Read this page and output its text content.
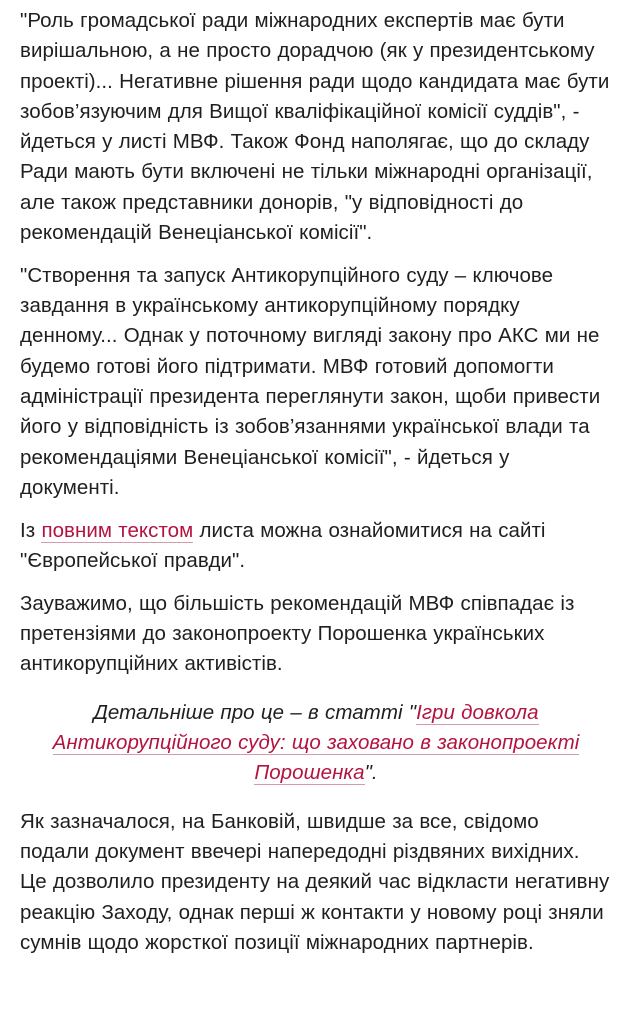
"Роль громадської ради міжнародних експертів має бути вирішальною, а не просто дорадчою (як у президентському проекті)... Негативне рішення ради щодо кандидата має бути зобов’язуючим для Вищої кваліфікаційної комісії суддів", - йдеться у листі МВФ. Також Фонд наполягає, що до складу Ради мають бути включені не тільки міжнародні організації, але також представники донорів, "у відповідності до рекомендацій Венеціанської комісії".

"Створення та запуск Антикорупційного суду – ключове завдання в українському антикорупційному порядку денному... Однак у поточному вигляді закону про АКС ми не будемо готові його підтримати. МВФ готовий допомогти адміністрації президента переглянути закон, щоби привести його у відповідність із зобов’язаннями української влади та рекомендаціями Венеціанської комісії", - йдеться у документі.

Із повним текстом листа можна ознайомитися на сайті "Європейської правди".

Зауважимо, що більшість рекомендацій МВФ співпадає із претензіями до законопроекту Порошенка українських антикорупційних активістів.

Детальніше про це – в статті "Ігри довкола Антикорупційного суду: що заховано в законопроекті Порошенка".

Як зазначалося, на Банковій, швидше за все, свідомо подали документ ввечері напередодні різдвяних вихідних. Це дозволило президенту на деякий час відкласти негативну реакцію Заходу, однак перші ж контакти у новому році зняли сумнів щодо жорсткої позиції міжнародних партнерів.
